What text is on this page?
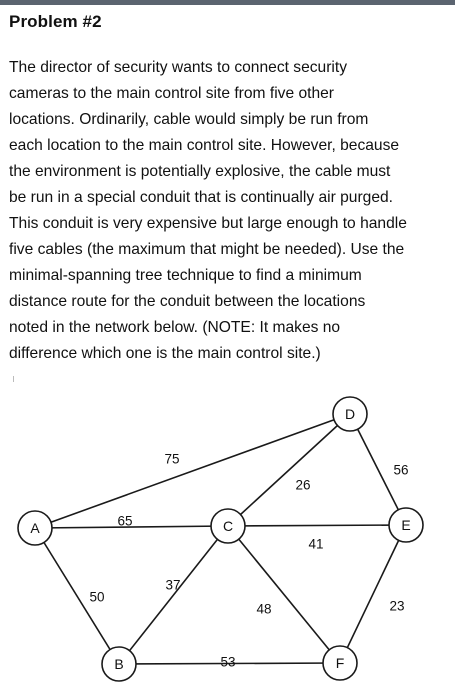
Problem #2

The director of security wants to connect security
cameras to the main control site from five other
locations. Ordinarily, cable would simply be run from
each location to the main control site. However, because
the environment is potentially explosive, the cable must
be run in a special conduit that is continually air purged.
This conduit is very expensive but large enough to handle
five cables (the maximum that might be needed). Use the
minimal-spanning tree technique to find a minimum
distance route for the conduit between the locations
noted in the network below. (NOTE: It makes no
difference which one is the main control site.)

75
65
50
37
53
26
41
48
56
23
A
B
C
D
E
F
